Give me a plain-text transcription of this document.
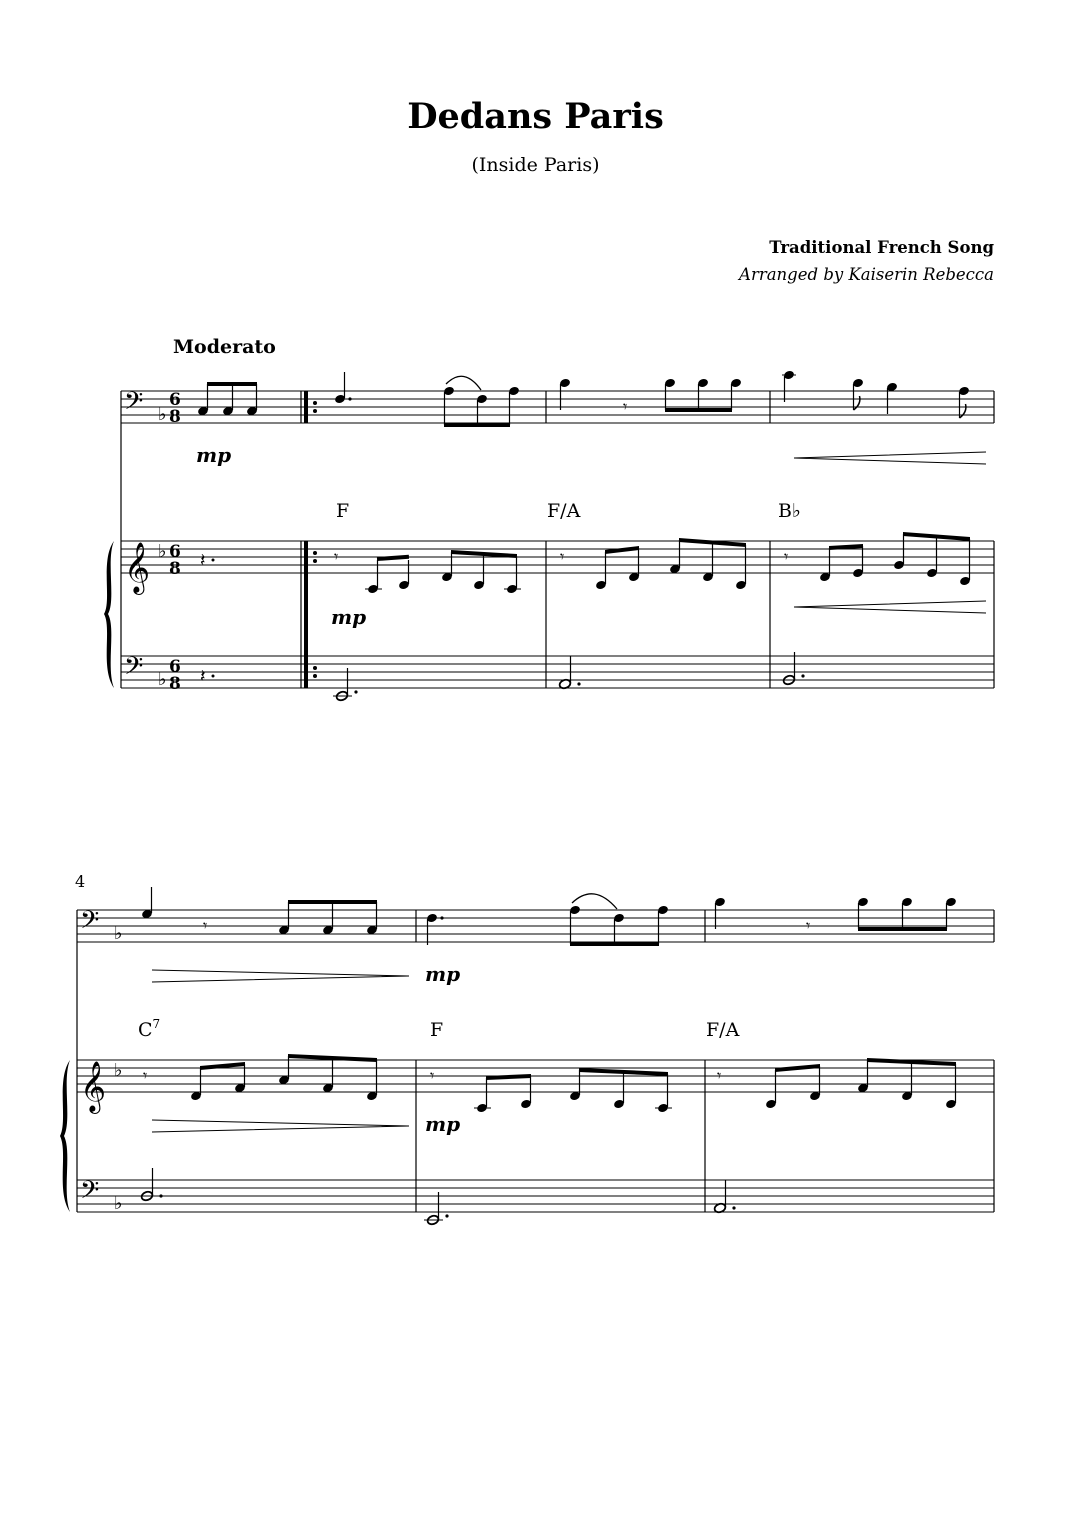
Dedans Paris
(Inside Paris)
Traditional French Song
Arranged by Kaiserin Rebecca
Moderato
𝄢
𝄞
𝄢
♭
♭
♭
6
8
6
8
6
8
𝄽
𝄽
mp
mp
F	F/A	B♭
𝄾
𝄾	𝄾	𝄾
4
𝄢
𝄞
𝄢
♭
♭
♭
$C^7$	F	F/A
mp
mp
𝄾	𝄾
𝄾	𝄾	𝄾
